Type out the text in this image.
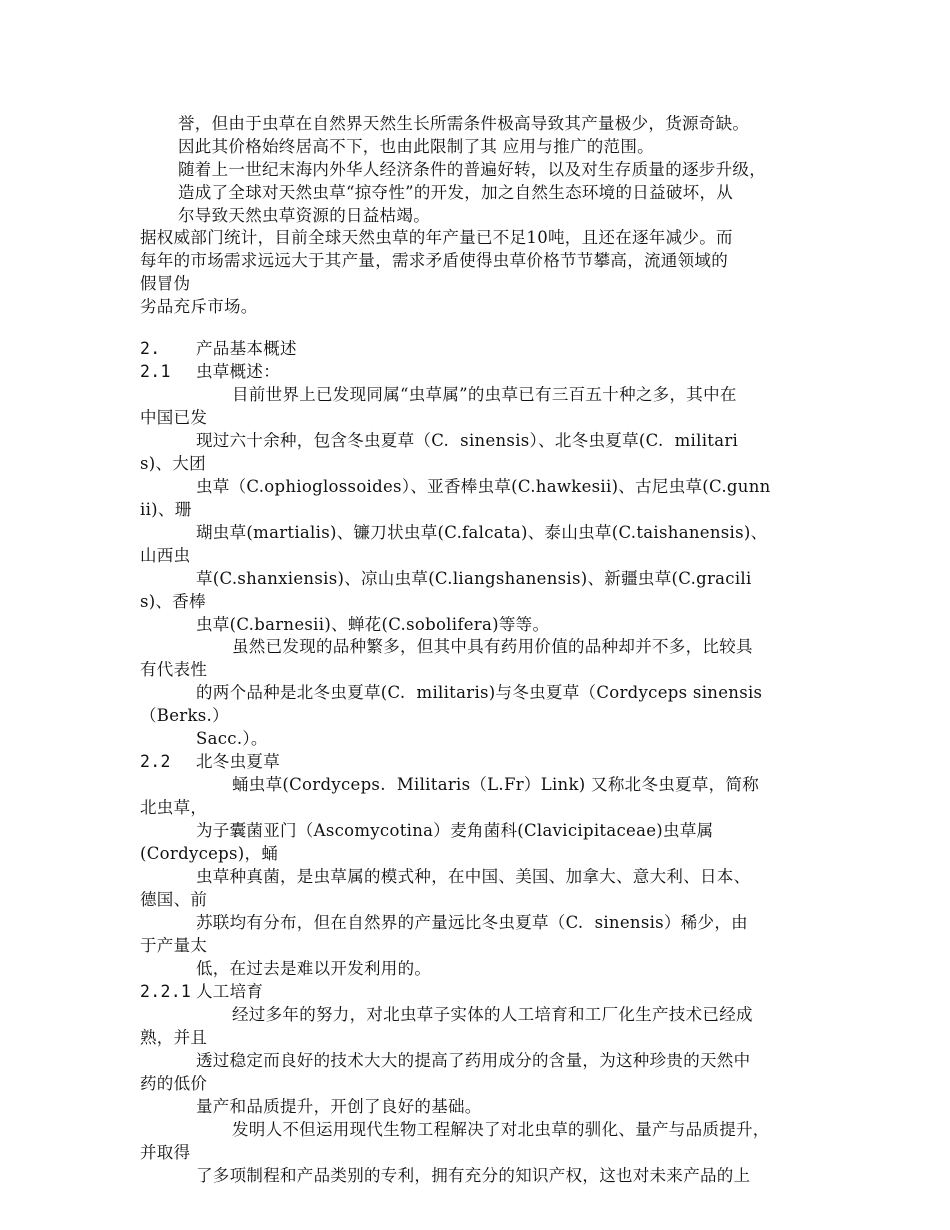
誉，但由于虫草在自然界天然生长所需条件极高导致其产量极少，货源奇缺。
因此其价格始终居高不下，也由此限制了其 应用与推广的范围。
随着上一世纪末海内外华人经济条件的普遍好转，以及对生存质量的逐步升级，
造成了全球对天然虫草“掠夺性”的开发，加之自然生态环境的日益破坏，从
尔导致天然虫草资源的日益枯竭。
据权威部门统计，目前全球天然虫草的年产量已不足10吨，且还在逐年减少。而
每年的市场需求远远大于其产量，需求矛盾使得虫草价格节节攀高，流通领域的
假冒伪
劣品充斥市场。
2. 产品基本概述
2.1 虫草概述：
目前世界上已发现同属“虫草属”的虫草已有三百五十种之多，其中在
中国已发
现过六十余种，包含冬虫夏草（C.  sinensis）、北冬虫夏草(C.  militari
s)、大团
虫草（C.ophioglossoides）、亚香棒虫草(C.hawkesii)、古尼虫草(C.gunn
ii)、珊
瑚虫草(martialis)、镰刀状虫草(C.falcata)、泰山虫草(C.taishanensis)、
山西虫
草(C.shanxiensis)、凉山虫草(C.liangshanensis)、新疆虫草(C.gracili
s)、香棒
虫草(C.barnesii)、蝉花(C.sobolifera)等等。
虽然已发现的品种繁多，但其中具有药用价值的品种却并不多，比较具
有代表性
的两个品种是北冬虫夏草(C.  militaris)与冬虫夏草（Cordyceps sinensis
（Berks.）
Sacc.）。
2.2 北冬虫夏草
蛹虫草(Cordyceps.  Militaris（L.Fr）Link) 又称北冬虫夏草，简称
北虫草，
为子囊菌亚门（Ascomycotina）麦角菌科(Clavicipitaceae)虫草属
(Cordyceps)，蛹
虫草种真菌，是虫草属的模式种，在中国、美国、加拿大、意大利、日本、
德国、前
苏联均有分布，但在自然界的产量远比冬虫夏草（C.  sinensis）稀少，由
于产量太
低，在过去是难以开发利用的。
2.2.1 人工培育
经过多年的努力，对北虫草子实体的人工培育和工厂化生产技术已经成
熟，并且
透过稳定而良好的技术大大的提高了药用成分的含量，为这种珍贵的天然中
药的低价
量产和品质提升，开创了良好的基础。
发明人不但运用现代生物工程解决了对北虫草的驯化、量产与品质提升，
并取得
了多项制程和产品类别的专利，拥有充分的知识产权，这也对未来产品的上
